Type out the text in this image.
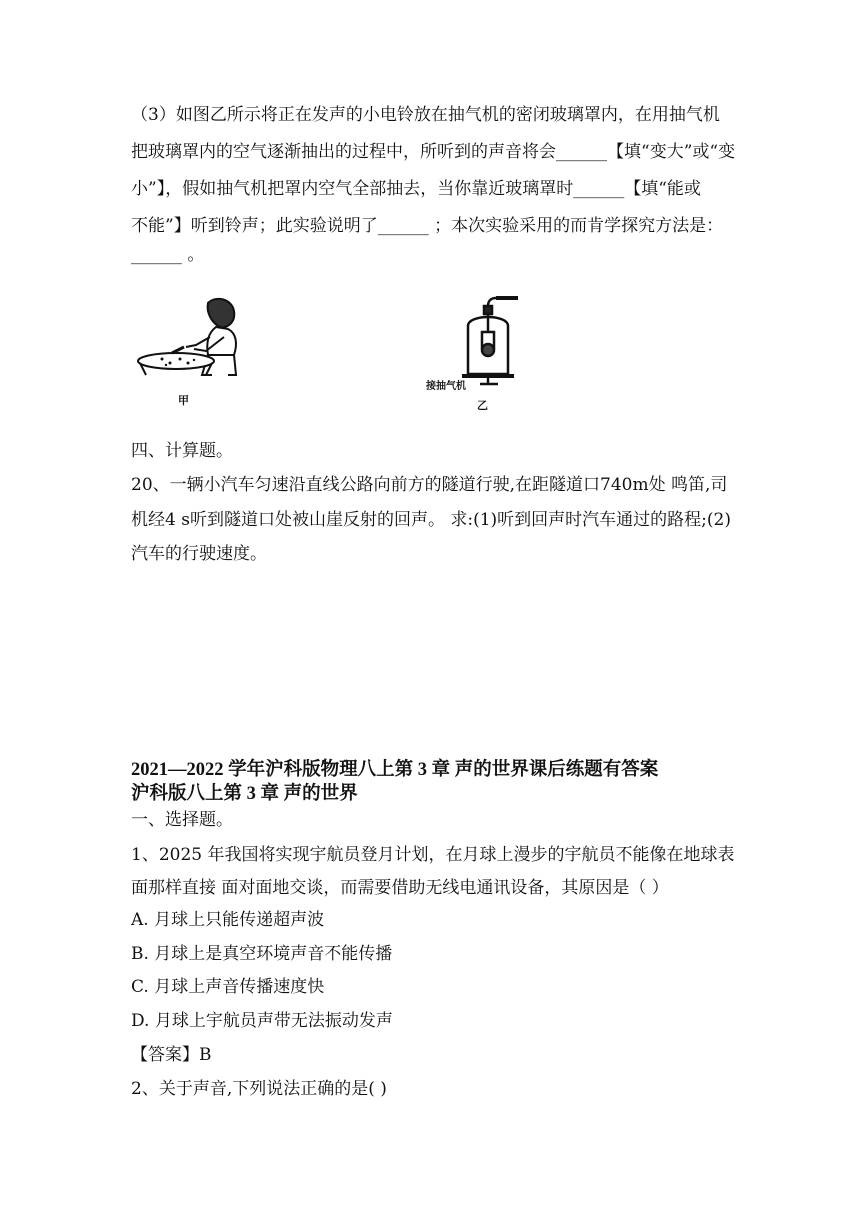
（3）如图乙所示将正在发声的小电铃放在抽气机的密闭玻璃罩内，在用抽气机
把玻璃罩内的空气逐渐抽出的过程中，所听到的声音将会______【填“变大”或“变
小”】，假如抽气机把罩内空气全部抽去，当你靠近玻璃罩时______【填“能或
不能”】听到铃声；此实验说明了______ ；本次实验采用的而肯学探究方法是：
______ 。
甲
接抽气机
乙
四、计算题。
20、一辆小汽车匀速沿直线公路向前方的隧道行驶,在距隧道口740m处 鸣笛,司
机经4 s听到隧道口处被山崖反射的回声。 求:(1)听到回声时汽车通过的路程;(2)
汽车的行驶速度。
2021—2022 学年沪科版物理八上第 3 章 声的世界课后练题有答案
沪科版八上第 3 章 声的世界
一、选择题。
1、2025 年我国将实现宇航员登月计划，在月球上漫步的宇航员不能像在地球表
面那样直接 面对面地交谈，而需要借助无线电通讯设备，其原因是（ ）
A. 月球上只能传递超声波
B. 月球上是真空环境声音不能传播
C. 月球上声音传播速度快
D. 月球上宇航员声带无法振动发声
【答案】B
2、关于声音,下列说法正确的是( )
